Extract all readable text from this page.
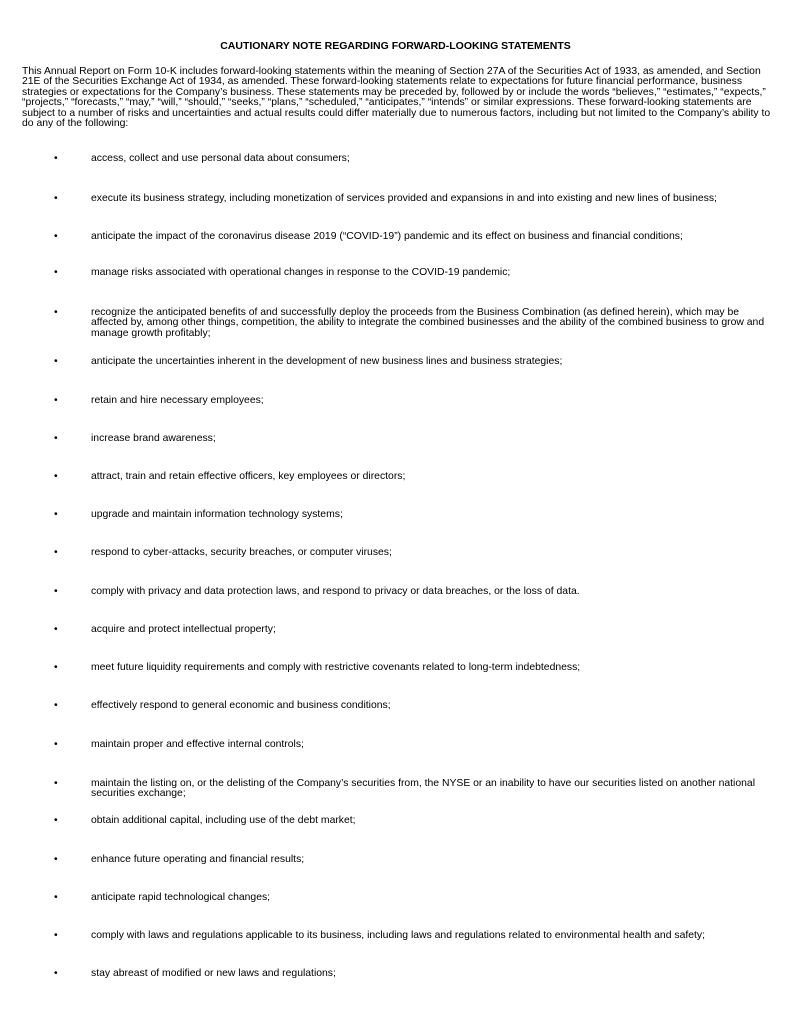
CAUTIONARY NOTE REGARDING FORWARD-LOOKING STATEMENTS
This Annual Report on Form 10-K includes forward-looking statements within the meaning of Section 27A of the Securities Act of 1933, as amended, and Section 21E of the Securities Exchange Act of 1934, as amended. These forward-looking statements relate to expectations for future financial performance, business strategies or expectations for the Company’s business. These statements may be preceded by, followed by or include the words “believes,” “estimates,” “expects,” “projects,” “forecasts,” “may,” “will,” “should,” “seeks,” “plans,” “scheduled,” “anticipates,” “intends” or similar expressions. These forward-looking statements are subject to a number of risks and uncertainties and actual results could differ materially due to numerous factors, including but not limited to the Company’s ability to do any of the following:
•	access, collect and use personal data about consumers;
•	execute its business strategy, including monetization of services provided and expansions in and into existing and new lines of business;
•	anticipate the impact of the coronavirus disease 2019 (“COVID-19”) pandemic and its effect on business and financial conditions;
•	manage risks associated with operational changes in response to the COVID-19 pandemic;
•	recognize the anticipated benefits of and successfully deploy the proceeds from the Business Combination (as defined herein), which may be affected by, among other things, competition, the ability to integrate the combined businesses and the ability of the combined business to grow and manage growth profitably;
•	anticipate the uncertainties inherent in the development of new business lines and business strategies;
•	retain and hire necessary employees;
•	increase brand awareness;
•	attract, train and retain effective officers, key employees or directors;
•	upgrade and maintain information technology systems;
•	respond to cyber-attacks, security breaches, or computer viruses;
•	comply with privacy and data protection laws, and respond to privacy or data breaches, or the loss of data.
•	acquire and protect intellectual property;
•	meet future liquidity requirements and comply with restrictive covenants related to long-term indebtedness;
•	effectively respond to general economic and business conditions;
•	maintain proper and effective internal controls;
•	maintain the listing on, or the delisting of the Company’s securities from, the NYSE or an inability to have our securities listed on another national securities exchange;
•	obtain additional capital, including use of the debt market;
•	enhance future operating and financial results;
•	anticipate rapid technological changes;
•	comply with laws and regulations applicable to its business, including laws and regulations related to environmental health and safety;
•	stay abreast of modified or new laws and regulations;
